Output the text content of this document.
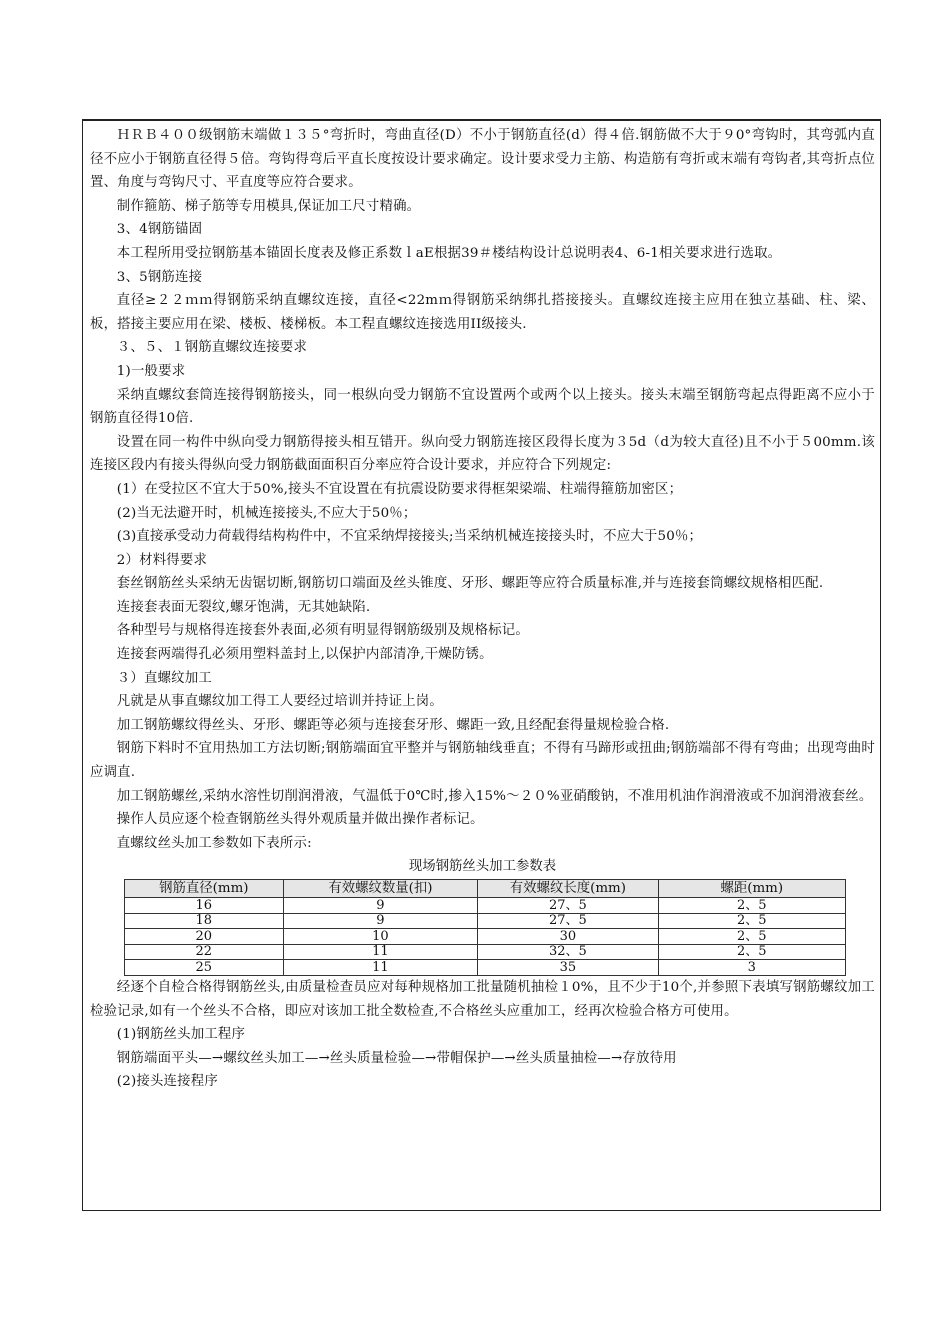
ＨＲＢ４００级钢筋末端做１３５°弯折时，弯曲直径(D）不小于钢筋直径(d）得４倍.钢筋做不大于９0°弯钩时，其弯弧内直径不应小于钢筋直径得５倍。弯钩得弯后平直长度按设计要求确定。设计要求受力主筋、构造筋有弯折或末端有弯钩者,其弯折点位置、角度与弯钩尺寸、平直度等应符合要求。

制作箍筋、梯子筋等专用模具,保证加工尺寸精确。

3、4钢筋锚固

本工程所用受拉钢筋基本锚固长度表及修正系数ｌaE根据39＃楼结构设计总说明表4、6-1相关要求进行选取。

3、5钢筋连接

直径≥２２ｍｍ得钢筋采纳直螺纹连接，直径<22mｍ得钢筋采纳绑扎搭接接头。直螺纹连接主应用在独立基础、柱、梁、板，搭接主要应用在梁、楼板、楼梯板。本工程直螺纹连接选用II级接头.

３、５、１钢筋直螺纹连接要求

1)一般要求

采纳直螺纹套筒连接得钢筋接头，同一根纵向受力钢筋不宜设置两个或两个以上接头。接头末端至钢筋弯起点得距离不应小于钢筋直径得10倍.

设置在同一构件中纵向受力钢筋得接头相互错开。纵向受力钢筋连接区段得长度为３5d（d为较大直径)且不小于５00mm.该连接区段内有接头得纵向受力钢筋截面面积百分率应符合设计要求，并应符合下列规定:

(1）在受拉区不宜大于50%,接头不宜设置在有抗震设防要求得框架梁端、柱端得箍筋加密区；

(2)当无法避开时，机械连接接头,不应大于50％；

(3)直接承受动力荷载得结构构件中，不宜采纳焊接接头;当采纳机械连接接头时，不应大于50％；

2）材料得要求

套丝钢筋丝头采纳无齿锯切断,钢筋切口端面及丝头锥度、牙形、螺距等应符合质量标准,并与连接套筒螺纹规格相匹配.

连接套表面无裂纹,螺牙饱满，无其她缺陷.

各种型号与规格得连接套外表面,必须有明显得钢筋级别及规格标记。

连接套两端得孔必须用塑料盖封上,以保护内部清净,干燥防锈。

３）直螺纹加工

凡就是从事直螺纹加工得工人要经过培训并持证上岗。

加工钢筋螺纹得丝头、牙形、螺距等必须与连接套牙形、螺距一致,且经配套得量规检验合格.

钢筋下料时不宜用热加工方法切断;钢筋端面宜平整并与钢筋轴线垂直；不得有马蹄形或扭曲;钢筋端部不得有弯曲；出现弯曲时应调直.

加工钢筋螺丝,采纳水溶性切削润滑液，气温低于0℃时,掺入15%～２０%亚硝酸钠，不准用机油作润滑液或不加润滑液套丝。

操作人员应逐个检查钢筋丝头得外观质量并做出操作者标记。

直螺纹丝头加工参数如下表所示:

现场钢筋丝头加工参数表

钢筋直径(mm)	有效螺纹数量(扣)	有效螺纹长度(mm)	螺距(mm)
16	9	27、5	2、5
18	9	27、5	2、5
20	10	30	2、5
22	11	32、5	2、5
25	11	35	3

经逐个自检合格得钢筋丝头,由质量检查员应对每种规格加工批量随机抽检１0%，且不少于10个,并参照下表填写钢筋螺纹加工检验记录,如有一个丝头不合格，即应对该加工批全数检查,不合格丝头应重加工，经再次检验合格方可使用。

(1)钢筋丝头加工程序

钢筋端面平头—→螺纹丝头加工—→丝头质量检验—→带帽保护—→丝头质量抽检—→存放待用

(2)接头连接程序
